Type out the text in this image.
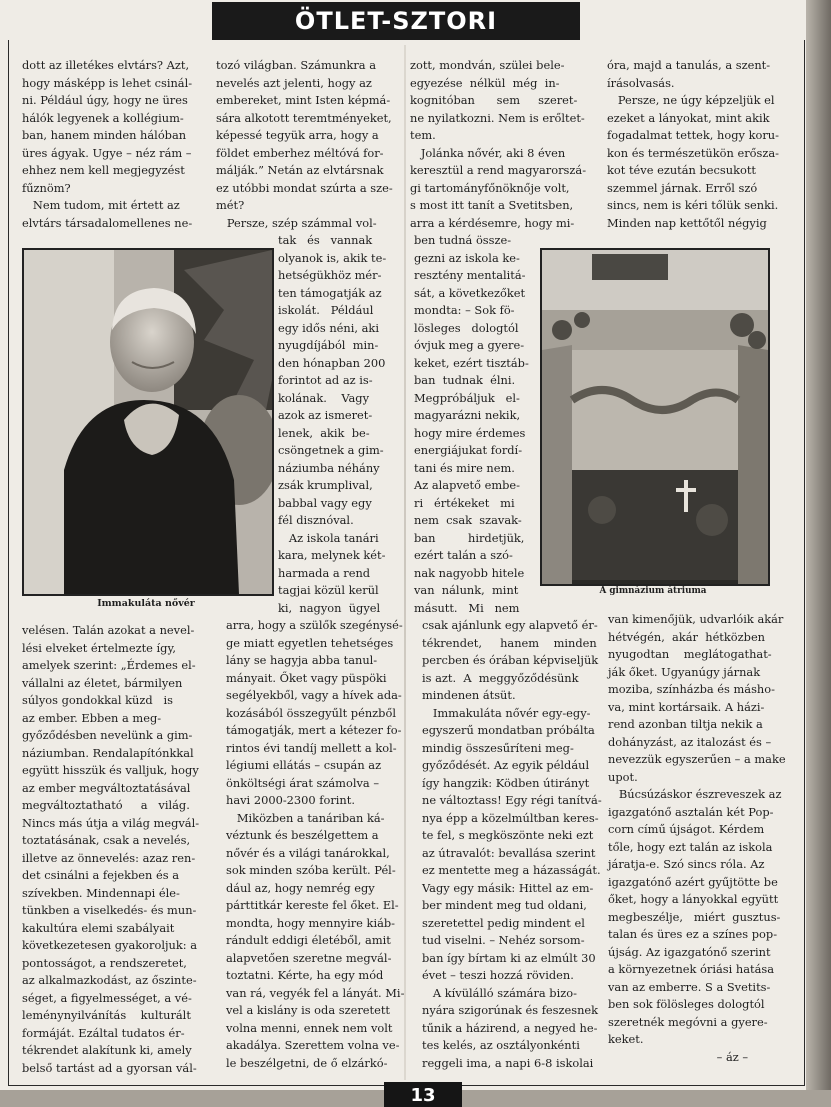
ÖTLET-SZTORI
Immakuláta nővér
A gimnázium átriuma
dott az illetékes elvtárs? Azt,
hogy másképp is lehet csinál-
ni. Például úgy, hogy ne üres
hálók legyenek a kollégium-
ban, hanem minden hálóban
üres ágyak. Ugye – néz rám –
ehhez nem kell megjegyzést
fűznöm?
Nem tudom, mit értett az
elvtárs társadalomellenes ne-
velésen. Talán azokat a nevel-
lési elveket értelmezte így,
amelyek szerint: „Érdemes el-
vállalni az életet, bármilyen
súlyos gondokkal küzd   is
az ember. Ebben a meg-
győződésben nevelünk a gim-
náziumban. Rendalapítónkkal
együtt hisszük és valljuk, hogy
az ember megváltoztatásával
megváltoztatható     a   világ.
Nincs más útja a világ megvál-
toztatásának, csak a nevelés,
illetve az önnevelés: azaz ren-
det csinálni a fejekben és a
szívekben. Mindennapi éle-
tünkben a viselkedés- és mun-
kakultúra elemi szabályait
következetesen gyakoroljuk: a
pontosságot, a rendszeretet,
az alkalmazkodást, az őszinte-
séget, a figyelmességet, a vé-
leménynyilvánítás    kulturált
formáját. Ezáltal tudatos ér-
tékrendet alakítunk ki, amely
belső tartást ad a gyorsan vál-
tozó világban. Számunkra a
nevelés azt jelenti, hogy az
embereket, mint Isten képmá-
sára alkotott teremtményeket,
képessé tegyük arra, hogy a
földet emberhez méltóvá for-
málják.” Netán az elvtársnak
ez utóbbi mondat szúrta a sze-
mét?
Persze, szép számmal vol-
tak   és   vannak
olyanok is, akik te-
hetségükhöz mér-
ten támogatják az
iskolát.   Például
egy idős néni, aki
nyugdíjából  min-
den hónapban 200
forintot ad az is-
kolának.    Vagy
azok az ismeret-
lenek,  akik  be-
csöngetnek a gim-
náziumba néhány
zsák krumplival,
babbal vagy egy
fél disznóval.
Az iskola tanári
kara, melynek két-
harmada a rend
tagjai közül kerül
ki,  nagyon  ügyel
arra, hogy a szülők szegénysé-
ge miatt egyetlen tehetséges
lány se hagyja abba tanul-
mányait. Őket vagy püspöki
segélyekből, vagy a hívek ada-
kozásából összegyűlt pénzből
támogatják, mert a kétezer fo-
rintos évi tandíj mellett a kol-
légiumi ellátás – csupán az
önköltségi árat számolva –
havi 2000-2300 forint.
Miközben a tanáriban ká-
véztunk és beszélgettem a
nővér és a világi tanárokkal,
sok minden szóba került. Pél-
dául az, hogy nemrég egy
párttitkár kereste fel őket. El-
mondta, hogy mennyire kiáb-
rándult eddigi életéből, amit
alapvetően szeretne megvál-
toztatni. Kérte, ha egy mód
van rá, vegyék fel a lányát. Mi-
vel a kislány is oda szeretett
volna menni, ennek nem volt
akadálya. Szerettem volna ve-
le beszélgetni, de ő elzárkó-
zott, mondván, szülei bele-
egyezése  nélkül  még  in-
kognitóban      sem     szeret-
ne nyilatkozni. Nem is erőltet-
tem.
Jolánka nővér, aki 8 éven
keresztül a rend magyarorszá-
gi tartományfőnöknője volt,
s most itt tanít a Svetitsben,
arra a kérdésemre, hogy mi-
ben tudná össze-
gezni az iskola ke-
resztény mentalitá-
sát, a következőket
mondta: – Sok fö-
lösleges   dologtól
óvjuk meg a gyere-
keket, ezért tisztáb-
ban  tudnak  élni.
Megpróbáljuk   el-
magyarázni nekik,
hogy mire érdemes
energiájukat fordí-
tani és mire nem.
Az alapvető embe-
ri   értékeket   mi
nem  csak  szavak-
ban         hirdetjük,
ezért talán a szó-
nak nagyobb hitele
van  nálunk,  mint
másutt.   Mi   nem
csak ajánlunk egy alapvető ér-
tékrendet,     hanem    minden
percben és órában képviseljük
is azt.  A  meggyőződésünk
mindenen átsüt.
Immakuláta nővér egy-egy-
egyszerű mondatban próbálta
mindig összesűríteni meg-
győződését. Az egyik például
így hangzik: Ködben útirányt
ne változtass! Egy régi tanítvá-
nya épp a közelmúltban keres-
te fel, s megköszönte neki ezt
az útravalót: bevallása szerint
ez mentette meg a házasságát.
Vagy egy másik: Hittel az em-
ber mindent meg tud oldani,
szeretettel pedig mindent el
tud viselni. – Nehéz sorsom-
ban így bírtam ki az elmúlt 30
évet – teszi hozzá röviden.
A kívülálló számára bizo-
nyára szigorúnak és feszesnek
tűnik a házirend, a negyed he-
tes kelés, az osztályonkénti
reggeli ima, a napi 6-8 iskolai
óra, majd a tanulás, a szent-
írásolvasás.
Persze, ne úgy képzeljük el
ezeket a lányokat, mint akik
fogadalmat tettek, hogy koru-
kon és természetükön erősza-
kot téve ezután becsukott
szemmel járnak. Erről szó
sincs, nem is kéri tőlük senki.
Minden nap kettőtől négyig
van kimenőjük, udvarlóik akár
hétvégén,  akár  hétközben
nyugodtan    meglátogathat-
ják őket. Ugyanúgy járnak
moziba, színházba és másho-
va, mint kortársaik. A házi-
rend azonban tiltja nekik a
dohányzást, az italozást és –
nevezzük egyszerűen – a make
upot.
Búcsúzáskor észreveszek az
igazgatónő asztalán két Pop-
corn című újságot. Kérdem
tőle, hogy ezt talán az iskola
járatja-e. Szó sincs róla. Az
igazgatónő azért gyűjtötte be
őket, hogy a lányokkal együtt
megbeszélje,   miért  gusztus-
talan és üres ez a színes pop-
újság. Az igazgatónő szerint
a környezetnek óriási hatása
van az emberre. S a Svetits-
ben sok fölösleges dologtól
szeretnék megóvni a gyere-
keket.
– áz –
13
